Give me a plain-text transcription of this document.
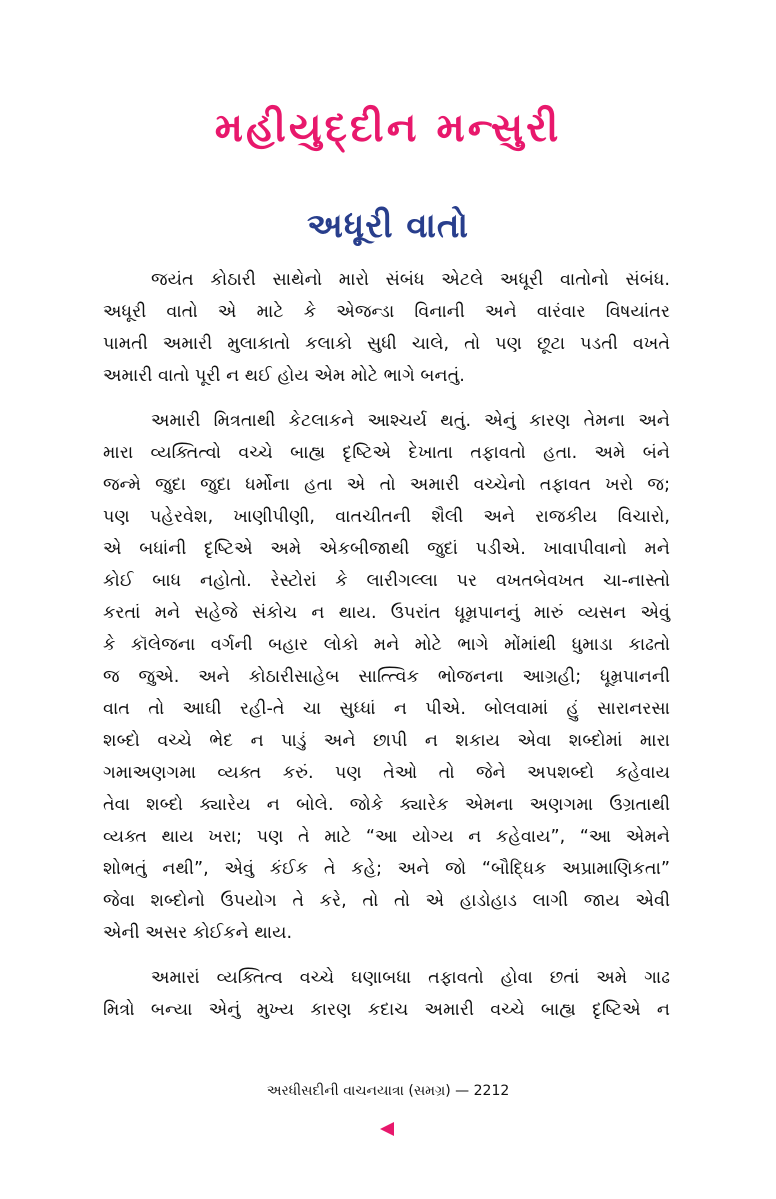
મહીયુદ્દીન મન્સુરી
અધૂરી વાતો
જયંત કોઠારી સાથેનો મારો સંબંધ એટલે અધૂરી વાતોનો સંબંધ.
અધૂરી વાતો એ માટે કે એજન્ડા વિનાની અને વારંવાર વિષયાંતર
પામતી અમારી મુલાકાતો કલાકો સુધી ચાલે, તો પણ છૂટા પડતી વખતે
અમારી વાતો પૂરી ન થઈ હોય એમ મોટે ભાગે બનતું.
અમારી મિત્રતાથી કેટલાકને આશ્ચર્ય થતું. એનું કારણ તેમના અને
મારા વ્યક્તિત્વો વચ્ચે બાહ્ય દૃષ્ટિએ દેખાતા તફાવતો હતા. અમે બંને
જન્મે જુદા જુદા ધર્મોના હતા એ તો અમારી વચ્ચેનો તફાવત ખરો જ;
પણ પહેરવેશ, ખાણીપીણી, વાતચીતની શૈલી અને રાજકીય વિચારો,
એ બધાંની દૃષ્ટિએ અમે એકબીજાથી જુદાં પડીએ. ખાવાપીવાનો મને
કોઈ બાધ નહોતો. રેસ્ટોરાં કે લારીગલ્લા પર વખતબેવખત ચા-નાસ્તો
કરતાં મને સહેજે સંકોચ ન થાય. ઉપરાંત ધૂમ્રપાનનું મારું વ્યસન એવું
કે કૉલેજના વર્ગની બહાર લોકો મને મોટે ભાગે મોંમાંથી ધુમાડા કાઢતો
જ જુએ. અને કોઠારીસાહેબ સાત્ત્વિક ભોજનના આગ્રહી; ધૂમ્રપાનની
વાત તો આઘી રહી-તે ચા સુધ્ધાં ન પીએ. બોલવામાં હું સારાનરસા
શબ્દો વચ્ચે ભેદ ન પાડું અને છાપી ન શકાય એવા શબ્દોમાં મારા
ગમાઅણગમા વ્યક્ત કરું. પણ તેઓ તો જેને અપશબ્દો કહેવાય
તેવા શબ્દો ક્યારેય ન બોલે. જોકે ક્યારેક એમના અણગમા ઉગ્રતાથી
વ્યક્ત થાય ખરા; પણ તે માટે “આ યોગ્ય ન કહેવાય”, “આ એમને
શોભતું નથી”, એવું કંઈક તે કહે; અને જો “બૌદ્ધિક અપ્રામાણિકતા”
જેવા શબ્દોનો ઉપયોગ તે કરે, તો તો એ હાડોહાડ લાગી જાય એવી
એની અસર કોઈકને થાય.
અમારાં વ્યક્તિત્વ વચ્ચે ઘણાબધા તફાવતો હોવા છતાં અમે ગાઢ
મિત્રો બન્યા એનું મુખ્ય કારણ કદાચ અમારી વચ્ચે બાહ્ય દૃષ્ટિએ ન
અરધીસદીની વાચનયાત્રા (સમગ્ર) — 2212
